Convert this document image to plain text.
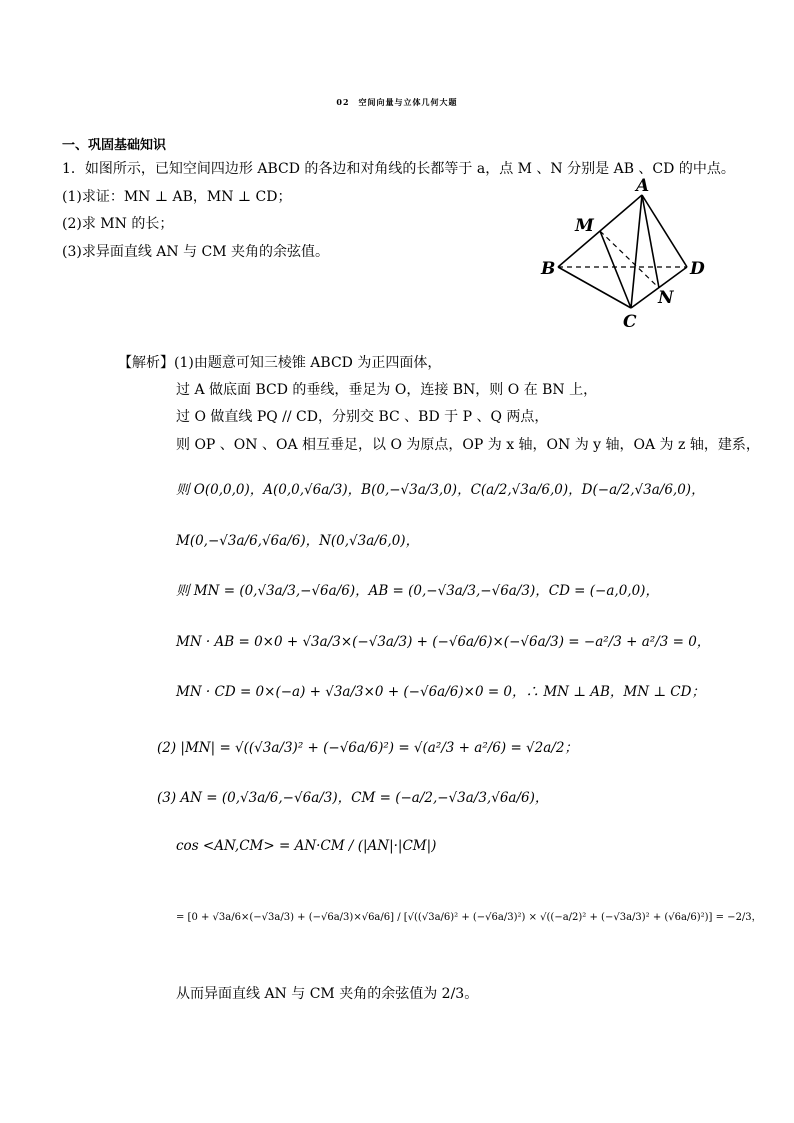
02　空间向量与立体几何大题
一、巩固基础知识
1．如图所示，已知空间四边形 ABCD 的各边和对角线的长都等于 a，点 M 、N 分别是 AB 、CD 的中点。
(1)求证：MN ⊥ AB，MN ⊥ CD；
(2)求 MN 的长；
(3)求异面直线 AN 与 CM 夹角的余弦值。
A
M
B	D
N
C
【解析】(1)由题意可知三棱锥 ABCD 为正四面体，
过 A 做底面 BCD 的垂线，垂足为 O，连接 BN，则 O 在 BN 上，
过 O 做直线 PQ // CD，分别交 BC 、BD 于 P 、Q 两点，
则 OP 、ON 、OA 相互垂足，以 O 为原点，OP 为 x 轴，ON 为 y 轴，OA 为 z 轴，建系，
则 O(0,0,0)，A(0,0,√6a/3)，B(0,−√3a/3,0)，C(a/2,√3a/6,0)，D(−a/2,√3a/6,0)，
M(0,−√3a/6,√6a/6)，N(0,√3a/6,0)，
则 MN = (0,√3a/3,−√6a/6)，AB = (0,−√3a/3,−√6a/3)，CD = (−a,0,0)，
MN · AB = 0×0 + √3a/3×(−√3a/3) + (−√6a/6)×(−√6a/3) = −a²/3 + a²/3 = 0，
MN · CD = 0×(−a) + √3a/3×0 + (−√6a/6)×0 = 0，∴ MN ⊥ AB，MN ⊥ CD；
(2) |MN| = √((√3a/3)² + (−√6a/6)²) = √(a²/3 + a²/6) = √2a/2；
(3) AN = (0,√3a/6,−√6a/3)，CM = (−a/2,−√3a/3,√6a/6)，
cos <AN,CM> = AN·CM / (|AN|·|CM|)
= [0 + √3a/6×(−√3a/3) + (−√6a/3)×√6a/6] / [√((√3a/6)² + (−√6a/3)²) × √((−a/2)² + (−√3a/3)² + (√6a/6)²)] = −2/3，
从而异面直线 AN 与 CM 夹角的余弦值为 2/3。
